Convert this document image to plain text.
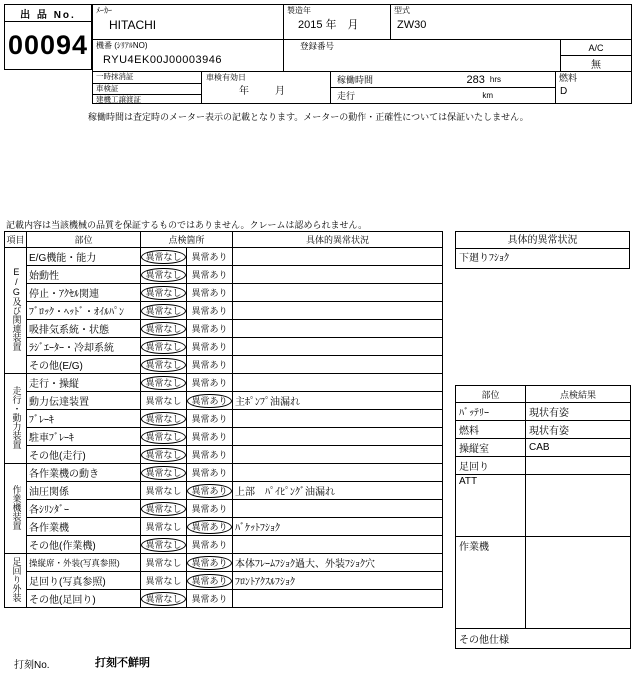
出 品 No.
00094
ﾒｰｶｰ
HITACHI
製造年
2015 年　月
型式
ZW30
機番 (ｼﾘｱﾙNO)
RYU4EK00J00003946
登録番号	A/C
無
一時抹消証
車検証
建機工譲渡証
車検有効日
年　月
稼働時間	283 hrs
走行	km
燃料
D
稼働時間は査定時のメーター表示の記載となります。メーターの動作・正確性については保証いたしません。
記載内容は当該機械の品質を保証するものではありません。クレームは認められません。
項目	部位	点検箇所		具体的異常状況
E/G及び関連装置	E/G機能・能力	異常なし	異常あり	
	始動性	異常なし	異常あり	
	停止・ｱｸｾﾙ関連	異常なし	異常あり	
	ﾌﾞﾛｯｸ・ﾍｯﾄﾞ・ｵｲﾙﾊﾟﾝ	異常なし	異常あり	
	吸排気系統・状態	異常なし	異常あり	
	ﾗｼﾞｴｰﾀｰ・冷却系統	異常なし	異常あり	
	その他(E/G)	異常なし	異常あり	
走行・動力装置	走行・操縦	異常なし	異常あり	
	動力伝達装置	異常なし	異常あり	主ﾎﾟﾝﾌﾟ油漏れ
	ﾌﾞﾚｰｷ	異常なし	異常あり	
	駐車ﾌﾞﾚｰｷ	異常なし	異常あり	
	その他(走行)	異常なし	異常あり	
作業機装置	各作業機の動き	異常なし	異常あり	
	油圧関係	異常なし	異常あり	上部　ﾊﾟｲﾋﾟﾝｸﾞ油漏れ
	各ｼﾘﾝﾀﾞｰ	異常なし	異常あり	
	各作業機	異常なし	異常あり	ﾊﾞｹｯﾄﾌｼｮｸ
	その他(作業機)	異常なし	異常あり	
足回り外装	操縦席・外装(写真参照)	異常なし	異常あり	本体ﾌﾚｰﾑﾌｼｮｸ過大、外装ﾌｼｮｸ穴
	足回り(写真参照)	異常なし	異常あり	ﾌﾛﾝﾄｱｸｽﾙﾌｼｮｸ
	その他(足回り)	異常なし	異常あり	
具体的異常状況
下廻りﾌｼｮｸ
部位	点検結果
ﾊﾞｯﾃﾘｰ	現状有姿
燃料	現状有姿
操縦室	CAB
足回り	
ATT	
作業機	
その他仕様	
打刻No.	打刻不鮮明
